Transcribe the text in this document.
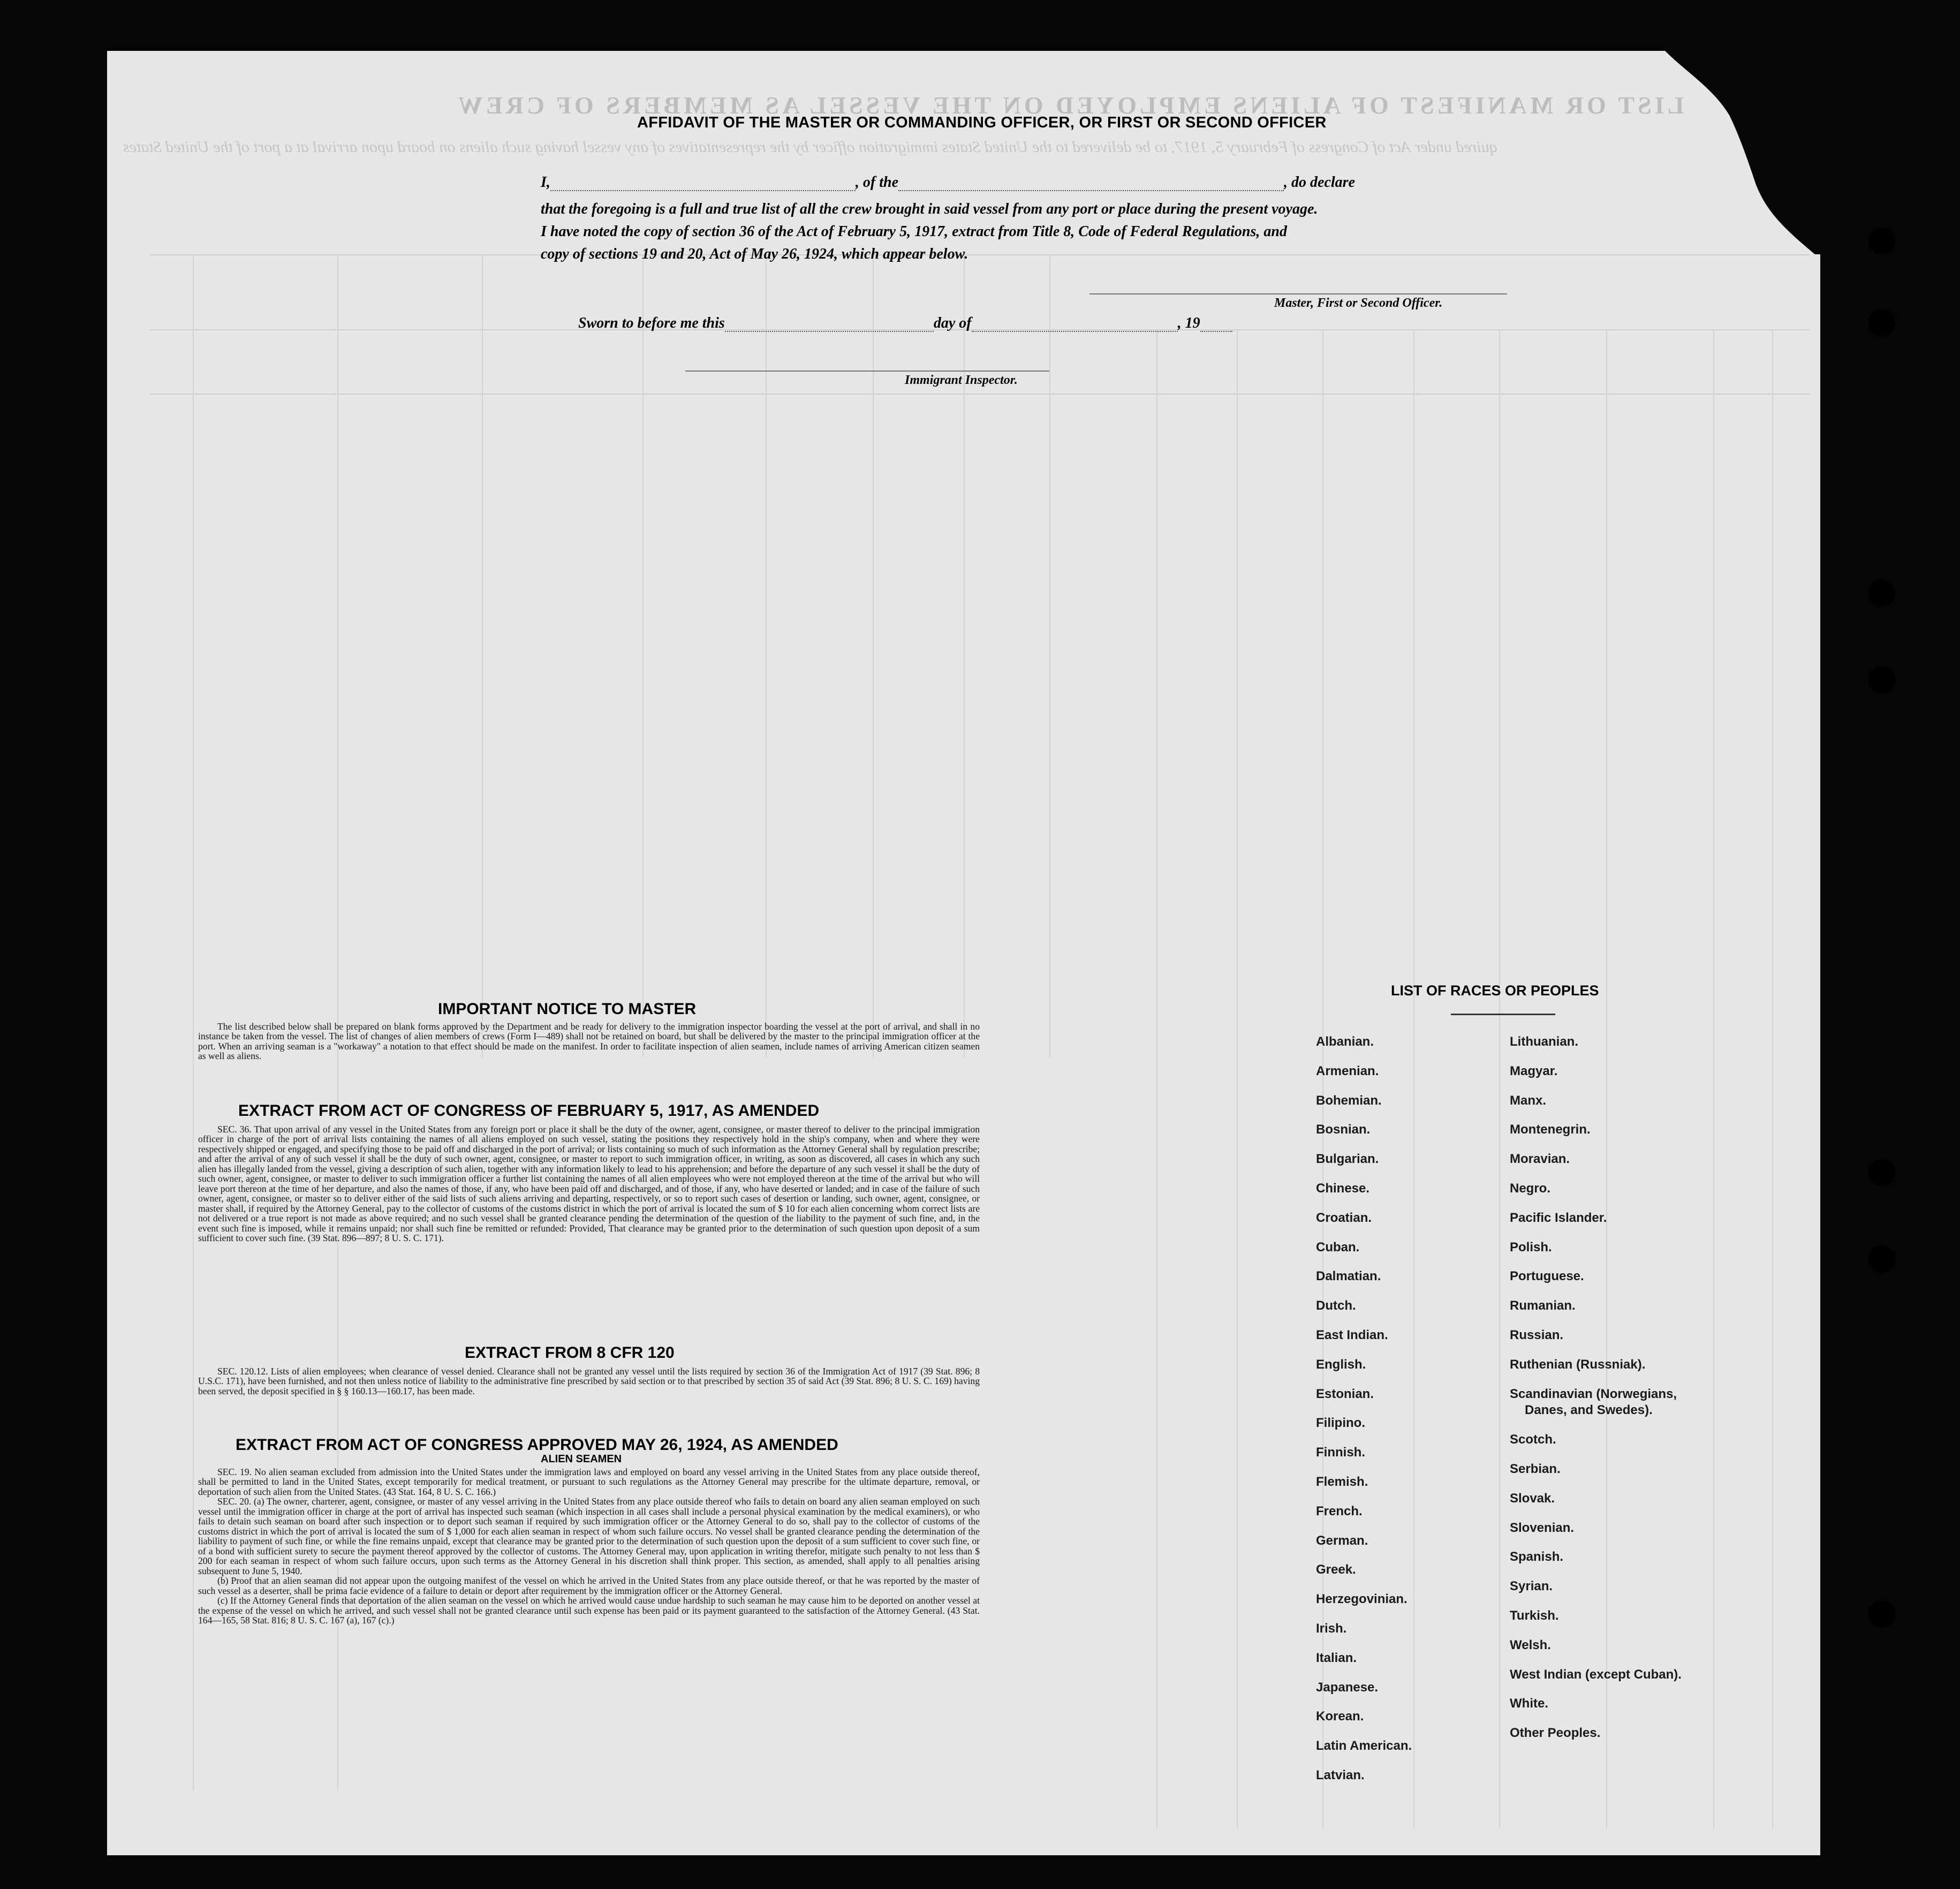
LIST OR MANIFEST OF ALIENS EMPLOYED ON THE VESSEL AS MEMBERS OF CREW
quired under Act of Congress of February 5, 1917, to be delivered to the United States immigration officer by the representatives of any vessel having such aliens on board upon arrival at a port of the United States
AFFIDAVIT OF THE MASTER OR COMMANDING OFFICER, OR FIRST OR SECOND OFFICER
I,	, of the	, do declare
that the foregoing is a full and true list of all the crew brought in said vessel from any port or place during the present voyage.
I have noted the copy of section 36 of the Act of February 5, 1917, extract from Title 8, Code of Federal Regulations, and
copy of sections 19 and 20, Act of May 26, 1924, which appear below.
Master, First or Second Officer.
Sworn to before me this	day of	, 19
Immigrant Inspector.
IMPORTANT NOTICE TO MASTER

The list described below shall be prepared on blank forms approved by the Department and be ready for delivery to the immigration inspector boarding the vessel at the port of arrival, and shall in no instance be taken from the vessel. The list of changes of alien members of crews (Form I—489) shall not be retained on board, but shall be delivered by the master to the principal immigration officer at the port. When an arriving seaman is a "workaway" a notation to that effect should be made on the manifest. In order to facilitate inspection of alien seamen, include names of arriving American citizen seamen as well as aliens.

EXTRACT FROM ACT OF CONGRESS OF FEBRUARY 5, 1917, AS AMENDED

SEC. 36. That upon arrival of any vessel in the United States from any foreign port or place it shall be the duty of the owner, agent, consignee, or master thereof to deliver to the principal immigration officer in charge of the port of arrival lists containing the names of all aliens employed on such vessel, stating the positions they respectively hold in the ship's company, when and where they were respectively shipped or engaged, and specifying those to be paid off and discharged in the port of arrival; or lists containing so much of such information as the Attorney General shall by regulation prescribe; and after the arrival of any of such vessel it shall be the duty of such owner, agent, consignee, or master to report to such immigration officer, in writing, as soon as discovered, all cases in which any such alien has illegally landed from the vessel, giving a description of such alien, together with any information likely to lead to his apprehension; and before the departure of any such vessel it shall be the duty of such owner, agent, consignee, or master to deliver to such immigration officer a further list containing the names of all alien employees who were not employed thereon at the time of the arrival but who will leave port thereon at the time of her departure, and also the names of those, if any, who have been paid off and discharged, and of those, if any, who have deserted or landed; and in case of the failure of such owner, agent, consignee, or master so to deliver either of the said lists of such aliens arriving and departing, respectively, or so to report such cases of desertion or landing, such owner, agent, consignee, or master shall, if required by the Attorney General, pay to the collector of customs of the customs district in which the port of arrival is located the sum of $ 10 for each alien concerning whom correct lists are not delivered or a true report is not made as above required; and no such vessel shall be granted clearance pending the determination of the question of the liability to the payment of such fine, and, in the event such fine is imposed, while it remains unpaid; nor shall such fine be remitted or refunded: Provided, That clearance may be granted prior to the determination of such question upon deposit of a sum sufficient to cover such fine. (39 Stat. 896—897; 8 U. S. C. 171).

EXTRACT FROM 8 CFR 120

SEC. 120.12. Lists of alien employees; when clearance of vessel denied. Clearance shall not be granted any vessel until the lists required by section 36 of the Immigration Act of 1917 (39 Stat. 896; 8 U.S.C. 171), have been furnished, and not then unless notice of liability to the administrative fine prescribed by said section or to that prescribed by section 35 of said Act (39 Stat. 896; 8 U. S. C. 169) having been served, the deposit specified in § § 160.13—160.17, has been made.

EXTRACT FROM ACT OF CONGRESS APPROVED MAY 26, 1924, AS AMENDED
ALIEN SEAMEN

SEC. 19. No alien seaman excluded from admission into the United States under the immigration laws and employed on board any vessel arriving in the United States from any place outside thereof, shall be permitted to land in the United States, except temporarily for medical treatment, or pursuant to such regulations as the Attorney General may prescribe for the ultimate departure, removal, or deportation of such alien from the United States. (43 Stat. 164, 8 U. S. C. 166.)

SEC. 20. (a) The owner, charterer, agent, consignee, or master of any vessel arriving in the United States from any place outside thereof who fails to detain on board any alien seaman employed on such vessel until the immigration officer in charge at the port of arrival has inspected such seaman (which inspection in all cases shall include a personal physical examination by the medical examiners), or who fails to detain such seaman on board after such inspection or to deport such seaman if required by such immigration officer or the Attorney General to do so, shall pay to the collector of customs of the customs district in which the port of arrival is located the sum of $ 1,000 for each alien seaman in respect of whom such failure occurs. No vessel shall be granted clearance pending the determination of the liability to payment of such fine, or while the fine remains unpaid, except that clearance may be granted prior to the determination of such question upon the deposit of a sum sufficient to cover such fine, or of a bond with sufficient surety to secure the payment thereof approved by the collector of customs. The Attorney General may, upon application in writing therefor, mitigate such penalty to not less than $ 200 for each seaman in respect of whom such failure occurs, upon such terms as the Attorney General in his discretion shall think proper. This section, as amended, shall apply to all penalties arising subsequent to June 5, 1940.

(b) Proof that an alien seaman did not appear upon the outgoing manifest of the vessel on which he arrived in the United States from any place outside thereof, or that he was reported by the master of such vessel as a deserter, shall be prima facie evidence of a failure to detain or deport after requirement by the immigration officer or the Attorney General.

(c) If the Attorney General finds that deportation of the alien seaman on the vessel on which he arrived would cause undue hardship to such seaman he may cause him to be deported on another vessel at the expense of the vessel on which he arrived, and such vessel shall not be granted clearance until such expense has been paid or its payment guaranteed to the satisfaction of the Attorney General. (43 Stat. 164—165, 58 Stat. 816; 8 U. S. C. 167 (a), 167 (c).)

LIST OF RACES OR PEOPLES
Albanian.
Armenian.
Bohemian.
Bosnian.
Bulgarian.
Chinese.
Croatian.
Cuban.
Dalmatian.
Dutch.
East Indian.
English.
Estonian.
Filipino.
Finnish.
Flemish.
French.
German.
Greek.
Herzegovinian.
Irish.
Italian.
Japanese.
Korean.
Latin American.
Latvian.
Lithuanian.
Magyar.
Manx.
Montenegrin.
Moravian.
Negro.
Pacific Islander.
Polish.
Portuguese.
Rumanian.
Russian.
Ruthenian (Russniak).
Scandinavian (Norwegians,
Danes, and Swedes).
Scotch.
Serbian.
Slovak.
Slovenian.
Spanish.
Syrian.
Turkish.
Welsh.
West Indian (except Cuban).
White.
Other Peoples.
